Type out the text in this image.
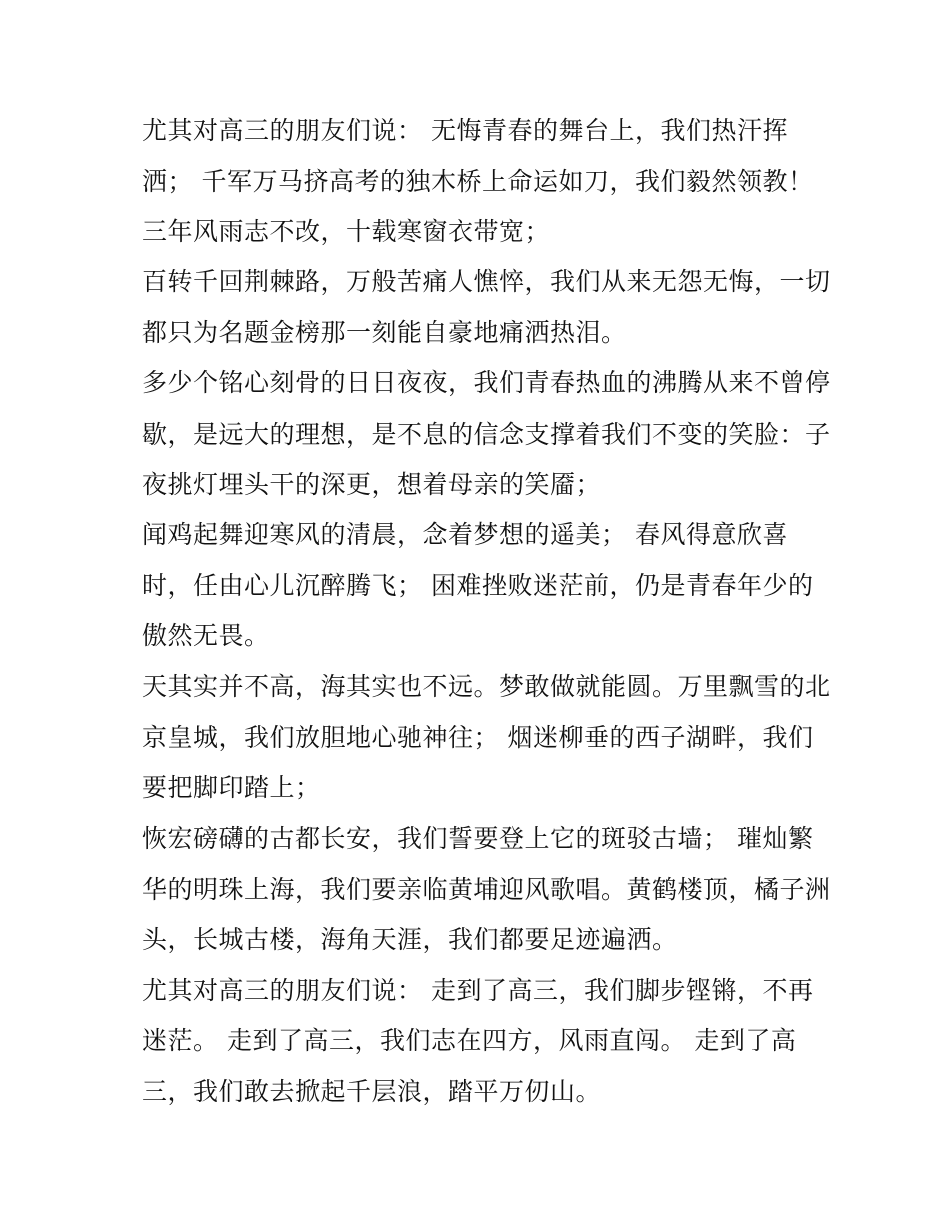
尤其对高三的朋友们说： 无悔青春的舞台上，我们热汗挥
洒； 千军万马挤高考的独木桥上命运如刀，我们毅然领教！
三年风雨志不改，十载寒窗衣带宽；
百转千回荆棘路，万般苦痛人憔悴，我们从来无怨无悔，一切
都只为名题金榜那一刻能自豪地痛洒热泪。
多少个铭心刻骨的日日夜夜，我们青春热血的沸腾从来不曾停
歇，是远大的理想，是不息的信念支撑着我们不变的笑脸：子
夜挑灯埋头干的深更，想着母亲的笑靥；
闻鸡起舞迎寒风的清晨，念着梦想的遥美； 春风得意欣喜
时，任由心儿沉醉腾飞； 困难挫败迷茫前，仍是青春年少的
傲然无畏。
天其实并不高，海其实也不远。梦敢做就能圆。万里飘雪的北
京皇城，我们放胆地心驰神往； 烟迷柳垂的西子湖畔，我们
要把脚印踏上；
恢宏磅礴的古都长安，我们誓要登上它的斑驳古墙； 璀灿繁
华的明珠上海，我们要亲临黄埔迎风歌唱。黄鹤楼顶，橘子洲
头，长城古楼，海角天涯，我们都要足迹遍洒。
尤其对高三的朋友们说： 走到了高三，我们脚步铿锵，不再
迷茫。 走到了高三，我们志在四方，风雨直闯。 走到了高
三，我们敢去掀起千层浪，踏平万仞山。
